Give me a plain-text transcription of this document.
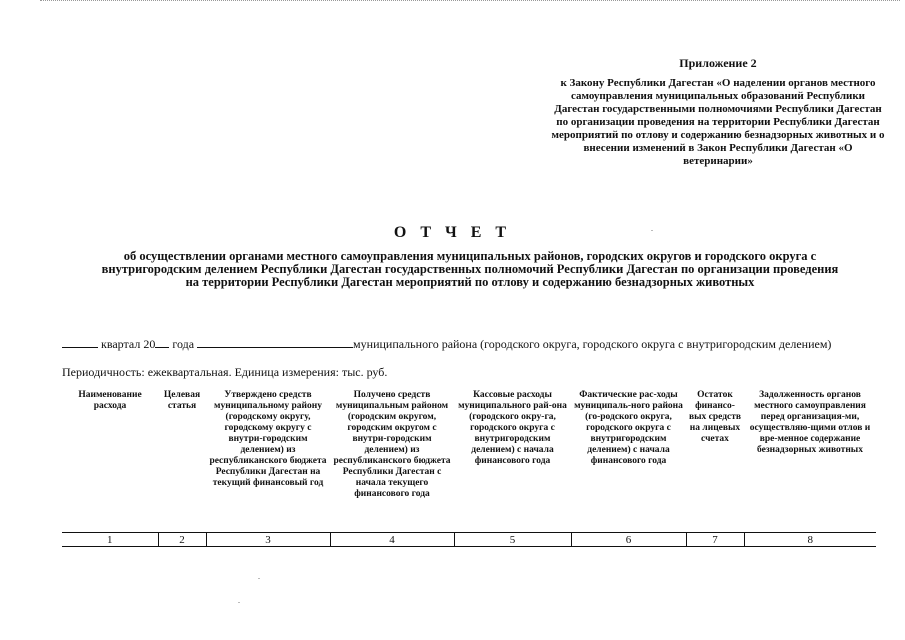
Приложение 2
к Закону Республики Дагестан «О наделении органов местного самоуправления муниципальных образований Республики Дагестан государственными полномочиями Республики Дагестан по организации проведения на территории Республики Дагестан мероприятий по отлову и содержанию безнадзорных животных и о внесении изменений в Закон Республики Дагестан «О ветеринарии»
О Т Ч Е Т
об осуществлении органами местного самоуправления муниципальных районов, городских округов и городского округа с внутригородским делением Республики Дагестан государственных полномочий Республики Дагестан по организации проведения на территории Республики Дагестан мероприятий по отлову и содержанию безнадзорных животных
квартал 20 года	муниципального района (городского округа, городского округа с внутригородским делением)
Периодичность: ежеквартальная. Единица измерения: тыс. руб.
Наименование расхода	Целевая статья	Утверждено средств муниципальному району (городскому округу, городскому округу с внутри-городским делением) из республиканского бюджета Республики Дагестан на текущий финансовый год	Получено средств муниципальным районом (городским округом, городским округом с внутри-городским делением) из республиканского бюджета Республики Дагестан с начала текущего финансового года	Кассовые расходы муниципального рай-она (городского окру-га, городского округа с внутригородским делением) с начала финансового года	Фактические рас-ходы муниципаль-ного района (го-родского округа, городского округа с внутригородским делением) с начала финансового года	Остаток финансо-вых средств на лицевых счетах	Задолженность органов местного самоуправления перед организация-ми, осуществляю-щими отлов и вре-менное содержание безнадзорных животных
1	2	3	4	5	6	7	8
